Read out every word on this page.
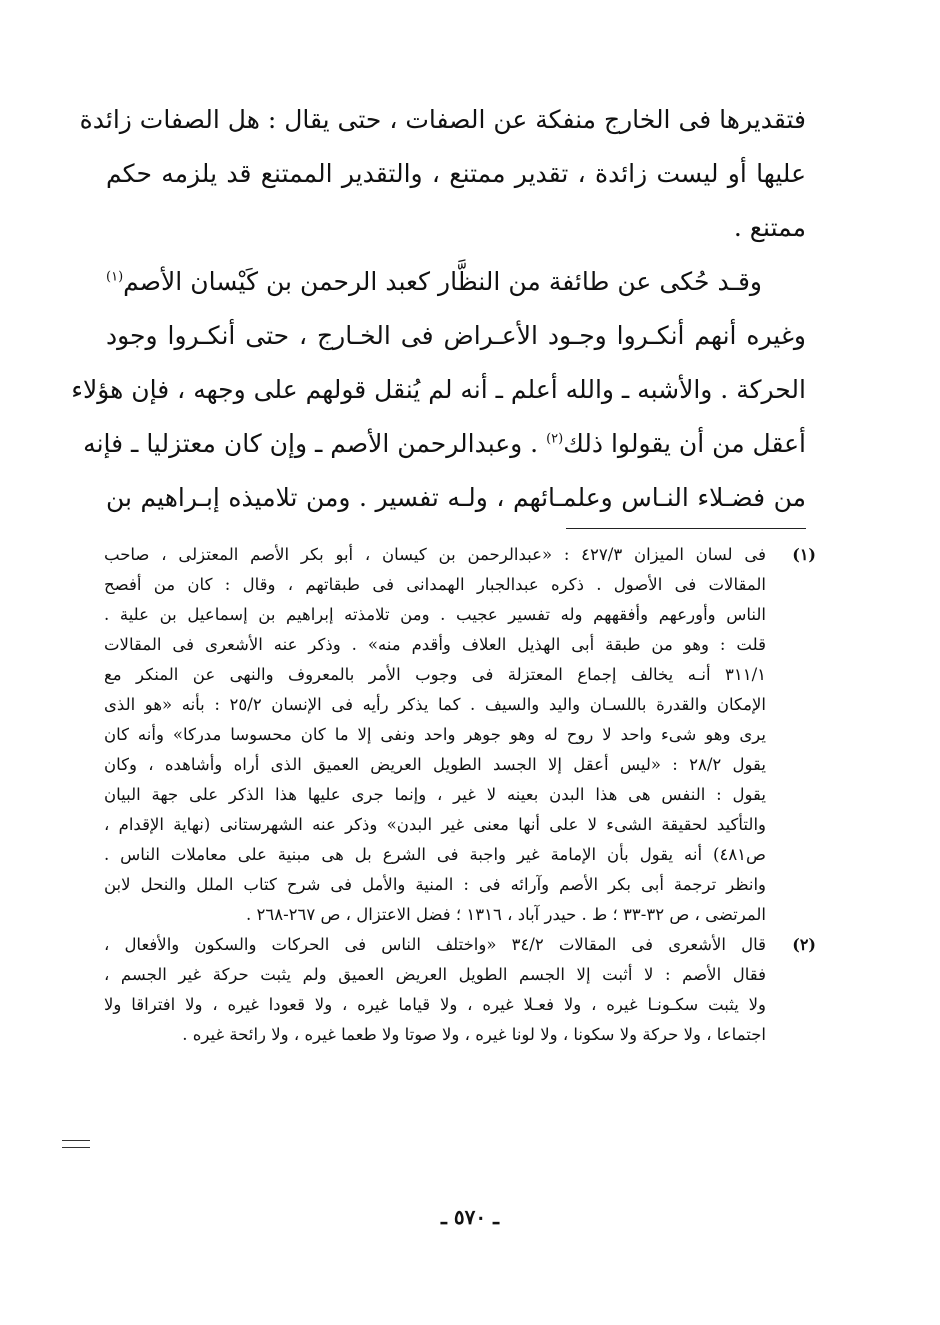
فتقديرها فى الخارج منفكة عن الصفات ، حتى يقال : هل الصفات زائدة
عليها أو ليست زائدة ، تقدير ممتنع ، والتقدير الممتنع قد يلزمه حكم
ممتنع .
وقـد حُكى عن طائفة من النظَّار كعبد الرحمن بن كَيْسان الأصم$^{(١)}$
وغيره أنهم أنكـروا وجـود الأعـراض فى الخـارج ، حتى أنكـروا وجود
الحركة . والأشبه ـ والله أعلم ـ أنه لم يُنقل قولهم على وجهه ، فإن هؤلاء
أعقل من أن يقولوا ذلك$^{(٢)}$ . وعبدالرحمن الأصم ـ وإن كان معتزليا ـ فإنه
من فضـلاء النـاس وعلمـائهم ، ولـه تفسير . ومن تلاميذه إبـراهيم بن
(١)
فى لسان الميزان ٤٢٧/٣ : «عبدالرحمن بن كيسان ، أبو بكر الأصم المعتزلى ، صاحب
المقالات فى الأصول . ذكره عبدالجبار الهمدانى فى طبقاتهم ، وقال : كان من أفصح
الناس وأورعهم وأفقههم وله تفسير عجيب . ومن تلامذته إبراهيم بن إسماعيل بن علية .
قلت : وهو من طبقة أبى الهذيل العلاف وأقدم منه» . وذكر عنه الأشعرى فى المقالات
٣١١/١ أنـه يخالف إجماع المعتزلة فى وجوب الأمر بالمعروف والنهى عن المنكر مع
الإمكان والقدرة باللسـان واليد والسيف . كما يذكر رأيه فى الإنسان ٢٥/٢ : بأنه «هو الذى
يرى وهو شىء واحد لا روح له وهو جوهر واحد ونفى إلا ما كان محسوسا مدركا» وأنه كان
يقول ٢٨/٢ : «ليس أعقل إلا الجسد الطويل العريض العميق الذى أراه وأشاهده ، وكان
يقول : النفس هى هذا البدن بعينه لا غير ، وإنما جرى عليها هذا الذكر على جهة البيان
والتأكيد لحقيقة الشىء لا على أنها معنى غير البدن» وذكر عنه الشهرستانى (نهاية الإقدام ،
ص٤٨١) أنه يقول بأن الإمامة غير واجبة فى الشرع بل هى مبنية على معاملات الناس .
وانظر ترجمة أبى بكر الأصم وآرائه فى : المنية والأمل فى شرح كتاب الملل والنحل لابن
المرتضى ، ص ٣٢-٣٣ ؛ ط . حيدر آباد ، ١٣١٦ ؛ فضل الاعتزال ، ص ٢٦٧-٢٦٨ .
(٢)
قال الأشعرى فى المقالات ٣٤/٢ «واختلف الناس فى الحركات والسكون والأفعال ،
فقال الأصم : لا أثبت إلا الجسم الطويل العريض العميق ولم يثبت حركة غير الجسم ،
ولا يثبت سكـونـا غيره ، ولا فعـلا غيره ، ولا قياما غيره ، ولا قعودا غيره ، ولا افتراقا ولا
اجتماعا ، ولا حركة ولا سكونا ، ولا لونا غيره ، ولا صوتا ولا طعما غيره ، ولا رائحة غيره .
ـ ٥٧٠ ـ
